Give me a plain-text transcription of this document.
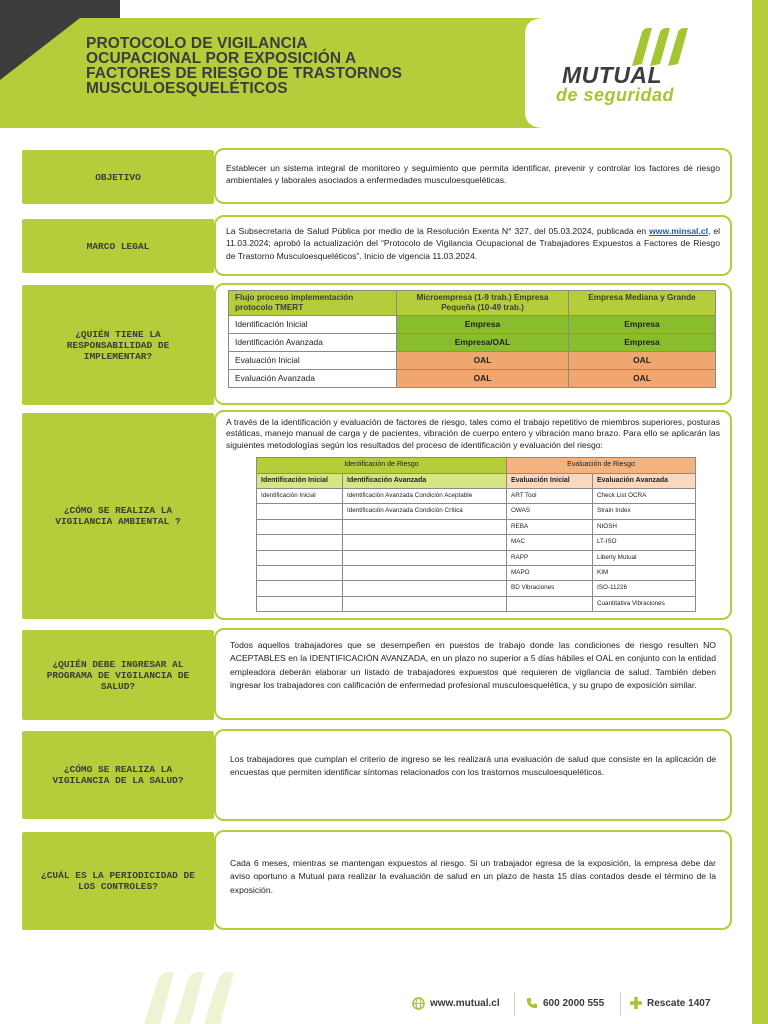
PROTOCOLO DE VIGILANCIA
OCUPACIONAL POR EXPOSICIÓN A
FACTORES DE RIESGO DE TRASTORNOS
MUSCULOESQUELÉTICOS
MUTUAL
de seguridad
OBJETIVO

Establecer un sistema integral de monitoreo y seguimiento que permita identificar, prevenir y controlar los factores de riesgo ambientales y laborales asociados a enfermedades musculoesqueléticas.

MARCO LEGAL

La Subsecretaria de Salud Pública por medio de la Resolución Exenta N° 327, del 05.03.2024, publicada en www.minsal.cl, el 11.03.2024; aprobó la actualización del “Protocolo de Vigilancia Ocupacional de Trabajadores Expuestos a Factores de Riesgo de Trastorno Musculoesqueléticos”. Inicio de vigencia 11.03.2024.

¿QUIÉN TIENE LA RESPONSABILIDAD DE IMPLEMENTAR?
Flujo proceso implementación protocolo TMERT	Microempresa (1-9 trab.) Empresa Pequeña (10-49 trab.)	Empresa Mediana y Grande
Identificación Inicial	Empresa	Empresa
Identificación Avanzada	Empresa/OAL	Empresa
Evaluación Inicial	OAL	OAL
Evaluación Avanzada	OAL	OAL
¿CÓMO SE REALIZA LA VIGILANCIA AMBIENTAL ?

A través de la identificación y evaluación de factores de riesgo, tales como el trabajo repetitivo de miembros superiores, posturas estáticas, manejo manual de carga y de pacientes, vibración de cuerpo entero y vibración mano brazo. Para ello se aplicarán las siguientes metodologías según los resultados del proceso de identificación y evaluación del riesgo:

Identificación de Riesgo		Evaluación de Riesgo	
Identificación Inicial	Identificación Avanzada	Evaluación Inicial	Evaluación Avanzada
Identificación Inicial	Identificación Avanzada Condición Aceptable	ART Tool	Check List OCRA
	Identificación Avanzada Condición Crítica	OWAS	Strain Index
		REBA	NIOSH
		MAC	LT-ISO
		RAPP	Liberty Mutual
		MAPO	KIM
		BD Vibraciones	ISO-11226
			Cuantitativa Vibraciones
¿QUIÉN DEBE INGRESAR AL PROGRAMA DE VIGILANCIA DE SALUD?

Todos aquellos trabajadores que se desempeñen en puestos de trabajo donde las condiciones de riesgo resulten NO ACEPTABLES en la IDENTIFICACIÓN AVANZADA, en un plazo no superior a 5 días hábiles el OAL en conjunto con la entidad empleadora deberán elaborar un listado de trabajadores expuestos que requieren de vigilancia de salud. También deben ingresar los trabajadores con calificación de enfermedad profesional musculoesquelética, y su grupo de exposición similar.

¿CÓMO SE REALIZA LA VIGILANCIA DE LA SALUD?

Los trabajadores que cumplan el criterio de ingreso se les realizará una evaluación de salud que consiste en la aplicación de encuestas que permiten identificar síntomas relacionados con los trastornos musculoesqueléticos.

¿CUÁL ES LA PERIODICIDAD DE LOS CONTROLES?

Cada 6 meses, mientras se mantengan expuestos al riesgo. Si un trabajador egresa de la exposición, la empresa debe dar aviso oportuno a Mutual para realizar la evaluación de salud en un plazo de hasta 15 días contados desde el término de la exposición.

www.mutual.cl	600 2000 555	Rescate 1407
